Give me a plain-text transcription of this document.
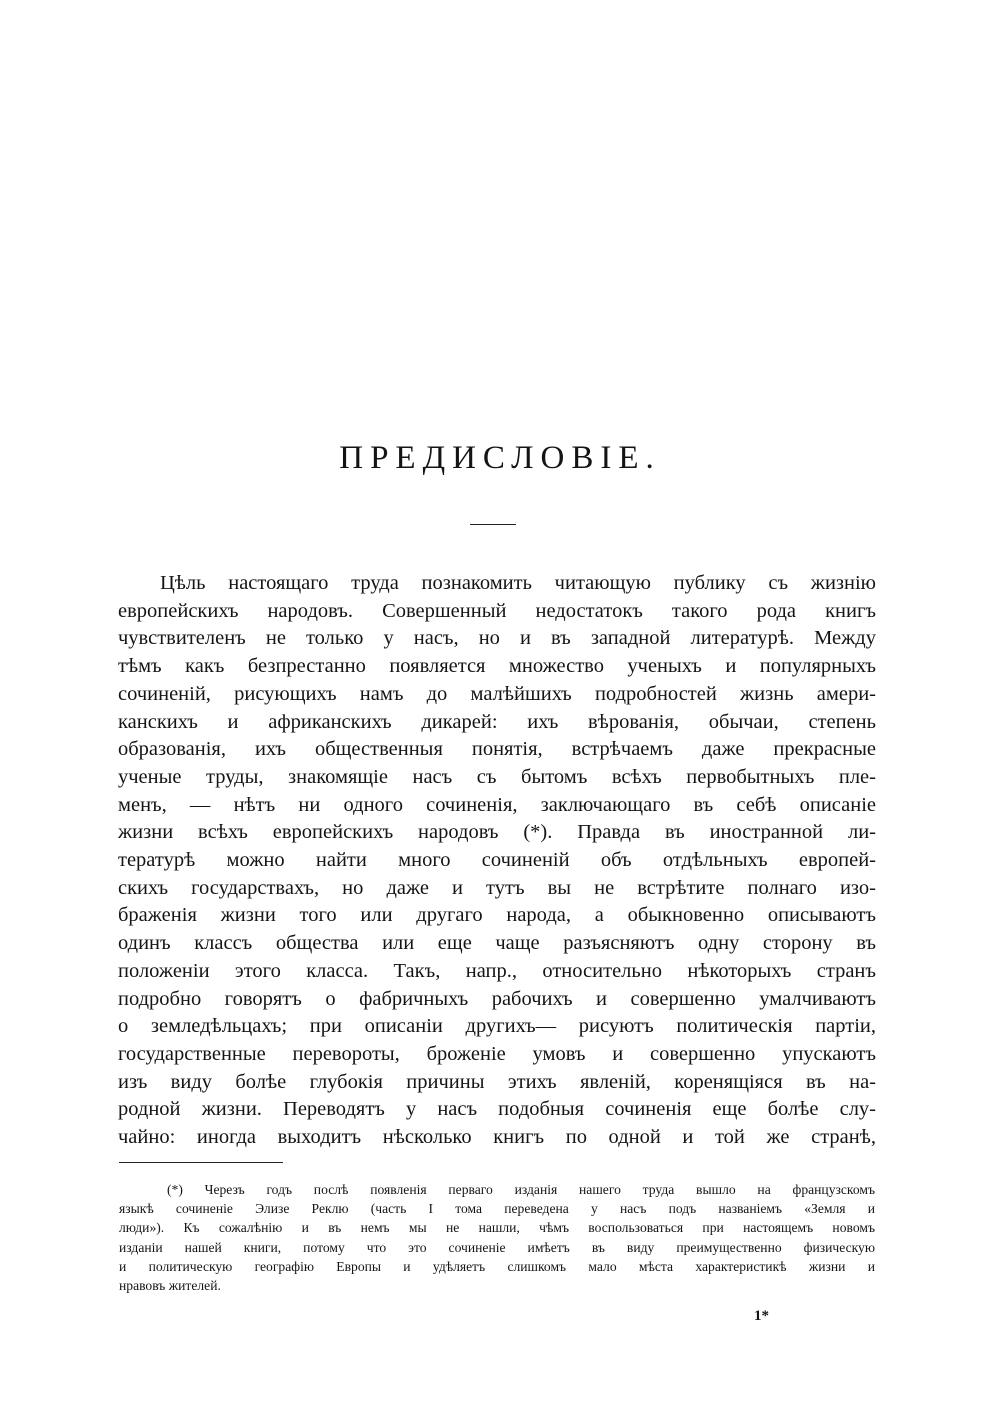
ПРЕДИСЛОВІЕ.
Цѣль настоящаго труда познакомить читающую публику съ жизнію
европейскихъ народовъ. Совершенный недостатокъ такого рода книгъ
чувствителенъ не только у насъ, но и въ западной литературѣ. Между
тѣмъ какъ безпрестанно появляется множество ученыхъ и популярныхъ
сочиненій, рисующихъ намъ до малѣйшихъ подробностей жизнь амери-
канскихъ и африканскихъ дикарей: ихъ вѣрованія, обычаи, степень
образованія, ихъ общественныя понятія, встрѣчаемъ даже прекрасные
ученые труды, знакомящіе насъ съ бытомъ всѣхъ первобытныхъ пле-
менъ, — нѣтъ ни одного сочиненія, заключающаго въ себѣ описаніе
жизни всѣхъ европейскихъ народовъ (*). Правда въ иностранной ли-
тературѣ можно найти много сочиненій объ отдѣльныхъ европей-
скихъ государствахъ, но даже и тутъ вы не встрѣтите полнаго изо-
браженія жизни того или другаго народа, а обыкновенно описываютъ
одинъ классъ общества или еще чаще разъясняютъ одну сторону въ
положеніи этого класса. Такъ, напр., относительно нѣкоторыхъ странъ
подробно говорятъ о фабричныхъ рабочихъ и совершенно умалчиваютъ
о земледѣльцахъ; при описаніи другихъ— рисуютъ политическія партіи,
государственные перевороты, броженіе умовъ и совершенно упускаютъ
изъ виду болѣе глубокія причины этихъ явленій, коренящіяся въ на-
родной жизни. Переводятъ у насъ подобныя сочиненія еще болѣе слу-
чайно: иногда выходитъ нѣсколько книгъ по одной и той же странѣ,
(*) Черезъ годъ послѣ появленія перваго изданія нашего труда вышло на французскомъ
языкѣ сочиненіе Элизе Реклю (часть I тома переведена у насъ подъ названіемъ «Земля и
люди»). Къ сожалѣнію и въ немъ мы не нашли, чѣмъ воспользоваться при настоящемъ новомъ
изданіи нашей книги, потому что это сочиненіе имѣетъ въ виду преимущественно физическую
и политическую географію Европы и удѣляетъ слишкомъ мало мѣста характеристикѣ жизни и
нравовъ жителей.
1*
